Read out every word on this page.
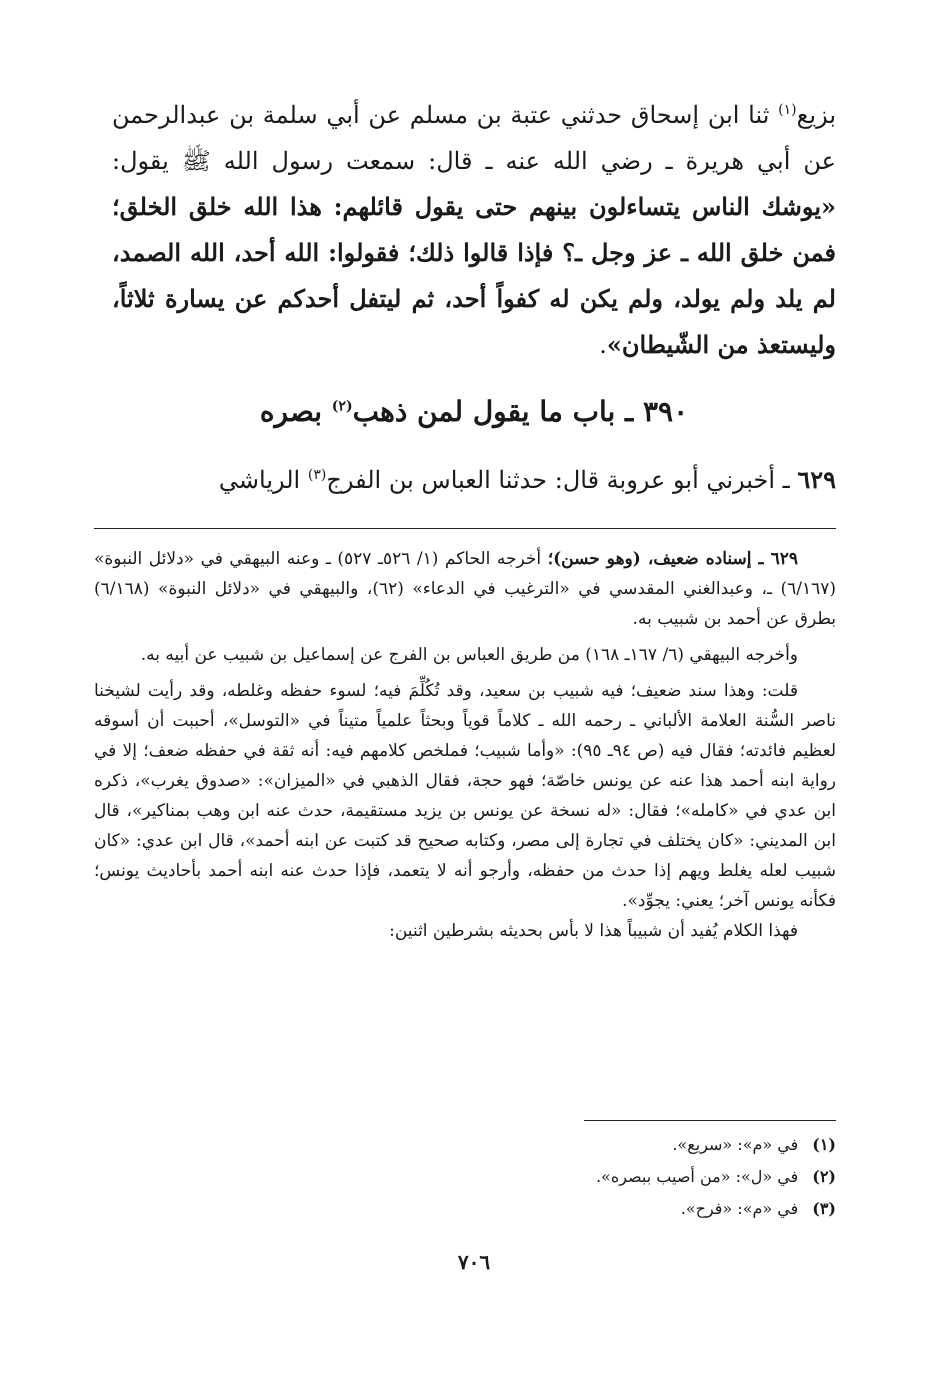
بزيع$^{(١)}$ ثنا ابن إسحاق حدثني عتبة بن مسلم عن أبي سلمة بن عبدالرحمن عن أبي هريرة ـ رضي الله عنه ـ قال: سمعت رسول الله ﷺ يقول: «يوشك الناس يتساءلون بينهم حتى يقول قائلهم: هذا الله خلق الخلق؛ فمن خلق الله ـ عز وجل ـ؟ فإذا قالوا ذلك؛ فقولوا: الله أحد، الله الصمد، لم يلد ولم يولد، ولم يكن له كفواً أحد، ثم ليتفل أحدكم عن يسارة ثلاثاً، وليستعذ من الشّيطان».
٣٩٠ ـ باب ما يقول لمن ذهب$^{(٢)}$ بصره
٦٢٩ ـ أخبرني أبو عروبة قال: حدثنا العباس بن الفرج$^{(٣)}$ الرياشي

٦٢٩ ـ إسناده ضعيف، (وهو حسن)؛ أخرجه الحاكم (١/ ٥٢٦ـ ٥٢٧) ـ وعنه البيهقي في «دلائل النبوة» (٦/١٦٧) ـ، وعبدالغني المقدسي في «الترغيب في الدعاء» (٦٢)، والبيهقي في «دلائل النبوة» (٦/١٦٨) بطرق عن أحمد بن شبيب به.

وأخرجه البيهقي (٦/ ١٦٧ـ ١٦٨) من طريق العباس بن الفرج عن إسماعيل بن شبيب عن أبيه به.

قلت: وهذا سند ضعيف؛ فيه شبيب بن سعيد، وقد تُكُلِّمَ فيه؛ لسوء حفظه وغلطه، وقد رأيت لشيخنا ناصر السُّنة العلامة الألباني ـ رحمه الله ـ كلاماً قوياً وبحثاً علمياً متيناً في «التوسل»، أحببت أن أسوقه لعظيم فائدته؛ فقال فيه (ص ٩٤ـ ٩٥): «وأما شبيب؛ فملخص كلامهم فيه: أنه ثقة في حفظه ضعف؛ إلا في رواية ابنه أحمد هذا عنه عن يونس خاصّة؛ فهو حجة، فقال الذهبي في «الميزان»: «صدوق يغرب»، ذكره ابن عدي في «كامله»؛ فقال: «له نسخة عن يونس بن يزيد مستقيمة، حدث عنه ابن وهب بمناكير»، قال ابن المديني: «كان يختلف في تجارة إلى مصر، وكتابه صحيح قد كتبت عن ابنه أحمد»، قال ابن عدي: «كان شبيب لعله يغلط ويهم إذا حدث من حفظه، وأرجو أنه لا يتعمد، فإذا حدث عنه ابنه أحمد بأحاديث يونس؛ فكأنه يونس آخر؛ يعني: يجوِّد».

فهذا الكلام يُفيد أن شبيباً هذا لا بأس بحديثه بشرطين اثنين:

(١)في «م»: «سريع».
(٢)في «ل»: «من أصيب ببصره».
(٣)في «م»: «فرح».
٧٠٦
